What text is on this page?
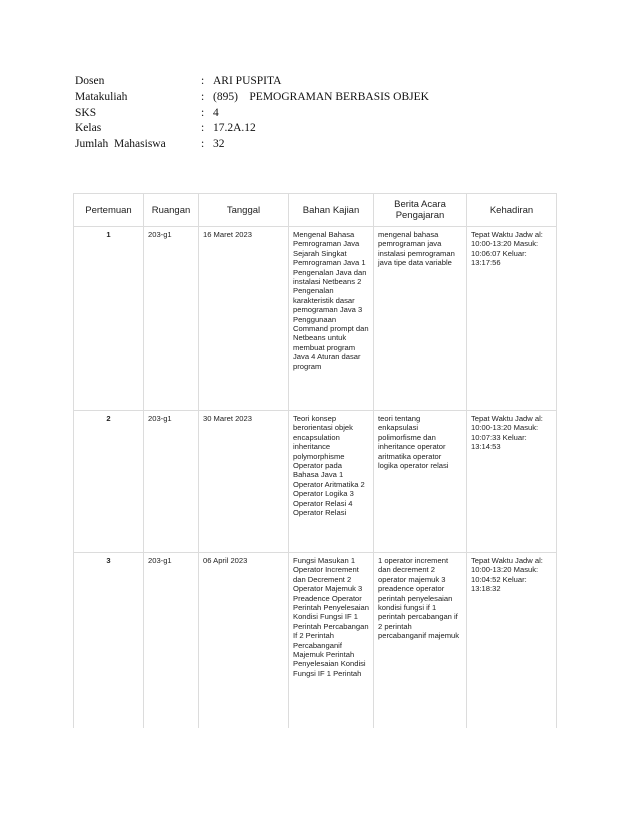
Dosen	: ARI PUSPITA
Matakuliah	: (895)    PEMOGRAMAN BERBASIS OBJEK
SKS	: 4
Kelas	: 17.2A.12
Jumlah  Mahasiswa	: 32
Pertemuan	Ruangan	Tanggal	Bahan Kajian	Berita Acara Pengajaran	Kehadiran
1	203-g1	16 Maret 2023	Mengenal Bahasa Pemrograman Java Sejarah Singkat Pemrograman Java 1 Pengenalan Java dan instalasi Netbeans 2 Pengenalan karakteristik dasar pemograman Java 3 Penggunaan Command prompt dan Netbeans untuk membuat program Java 4 Aturan dasar program	mengenal bahasa pemrograman java instalasi pemrograman java tipe data variable	Tepat Waktu Jadw al: 10:00-13:20 Masuk: 10:06:07 Keluar: 13:17:56
2	203-g1	30 Maret 2023	Teori konsep berorientasi objek encapsulation inheritance polymorphisme Operator pada Bahasa Java 1 Operator Aritmatika 2 Operator Logika 3 Operator Relasi 4 Operator Relasi	teori tentang enkapsulasi polimorfisme dan inheritance operator aritmatika operator logika operator relasi	Tepat Waktu Jadw al: 10:00-13:20 Masuk: 10:07:33 Keluar: 13:14:53
3	203-g1	06 April 2023	Fungsi Masukan 1 Operator Increment dan Decrement 2 Operator Majemuk 3 Preadence Operator Perintah Penyelesaian Kondisi Fungsi IF 1 Perintah Percabangan If 2 Perintah Percabanganif Majemuk Perintah Penyelesaian Kondisi Fungsi IF 1 Perintah	1 operator increment dan decrement 2 operator majemuk 3 preadence operator perintah penyelesaian kondisi fungsi if 1 perintah percabangan if 2 perintah percabanganif majemuk	Tepat Waktu Jadw al: 10:00-13:20 Masuk: 10:04:52 Keluar: 13:18:32
